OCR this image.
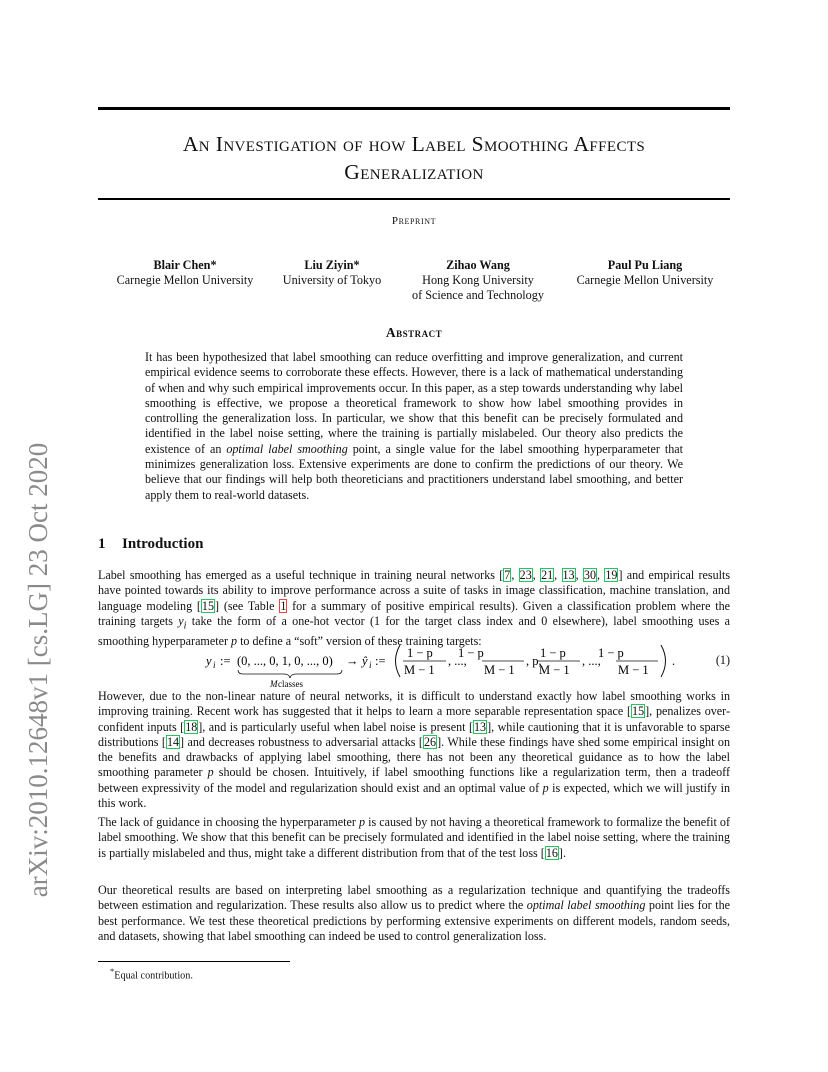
arXiv:2010.12648v1 [cs.LG] 23 Oct 2020
An Investigation of how Label Smoothing Affects
Generalization
Preprint
Blair Chen*
Carnegie Mellon University
Liu Ziyin*
University of Tokyo
Zihao Wang
Hong Kong University
of Science and Technology
Paul Pu Liang
Carnegie Mellon University
Abstract

It has been hypothesized that label smoothing can reduce overfitting and improve generalization, and current empirical evidence seems to corroborate these effects. However, there is a lack of mathematical understanding of when and why such empirical improvements occur. In this paper, as a step towards understanding why label smoothing is effective, we propose a theoretical framework to show how label smoothing provides in controlling the generalization loss. In particular, we show that this benefit can be precisely formulated and identified in the label noise setting, where the training is partially mislabeled. Our theory also predicts the existence of an optimal label smoothing point, a single value for the label smoothing hyperparameter that minimizes generalization loss. Extensive experiments are done to confirm the predictions of our theory. We believe that our findings will help both theoreticians and practitioners understand label smoothing, and better apply them to real-world datasets.

1 Introduction

Label smoothing has emerged as a useful technique in training neural networks [7, 23, 21, 13, 30, 19] and empirical results have pointed towards its ability to improve performance across a suite of tasks in image classification, machine translation, and language modeling [15] (see Table 1 for a summary of positive empirical results). Given a classification problem where the training targets $y_i$ take the form of a one-hot vector (1 for the target class index and 0 elsewhere), label smoothing uses a smoothing hyperparameter p to define a “soft” version of these training targets:

y i := (0, ..., 0, 1, 0, ..., 0)
M classes
→ ŷ i :=
1 − p
M − 1
, ...,
1 − p
M − 1
, p,
1 − p
M − 1
, ...,
1 − p
M − 1
.	(1)

However, due to the non-linear nature of neural networks, it is difficult to understand exactly how label smoothing works in improving training. Recent work has suggested that it helps to learn a more separable representation space [15], penalizes over-confident inputs [18], and is particularly useful when label noise is present [13], while cautioning that it is unfavorable to sparse distributions [14] and decreases robustness to adversarial attacks [26]. While these findings have shed some empirical insight on the benefits and drawbacks of applying label smoothing, there has not been any theoretical guidance as to how the label smoothing parameter p should be chosen. Intuitively, if label smoothing functions like a regularization term, then a tradeoff between expressivity of the model and regularization should exist and an optimal value of p is expected, which we will justify in this work.

The lack of guidance in choosing the hyperparameter p is caused by not having a theoretical framework to formalize the benefit of label smoothing. We show that this benefit can be precisely formulated and identified in the label noise setting, where the training is partially mislabeled and thus, might take a different distribution from that of the test loss [16].

Our theoretical results are based on interpreting label smoothing as a regularization technique and quantifying the tradeoffs between estimation and regularization. These results also allow us to predict where the optimal label smoothing point lies for the best performance. We test these theoretical predictions by performing extensive experiments on different models, random seeds, and datasets, showing that label smoothing can indeed be used to control generalization loss.

*Equal contribution.
